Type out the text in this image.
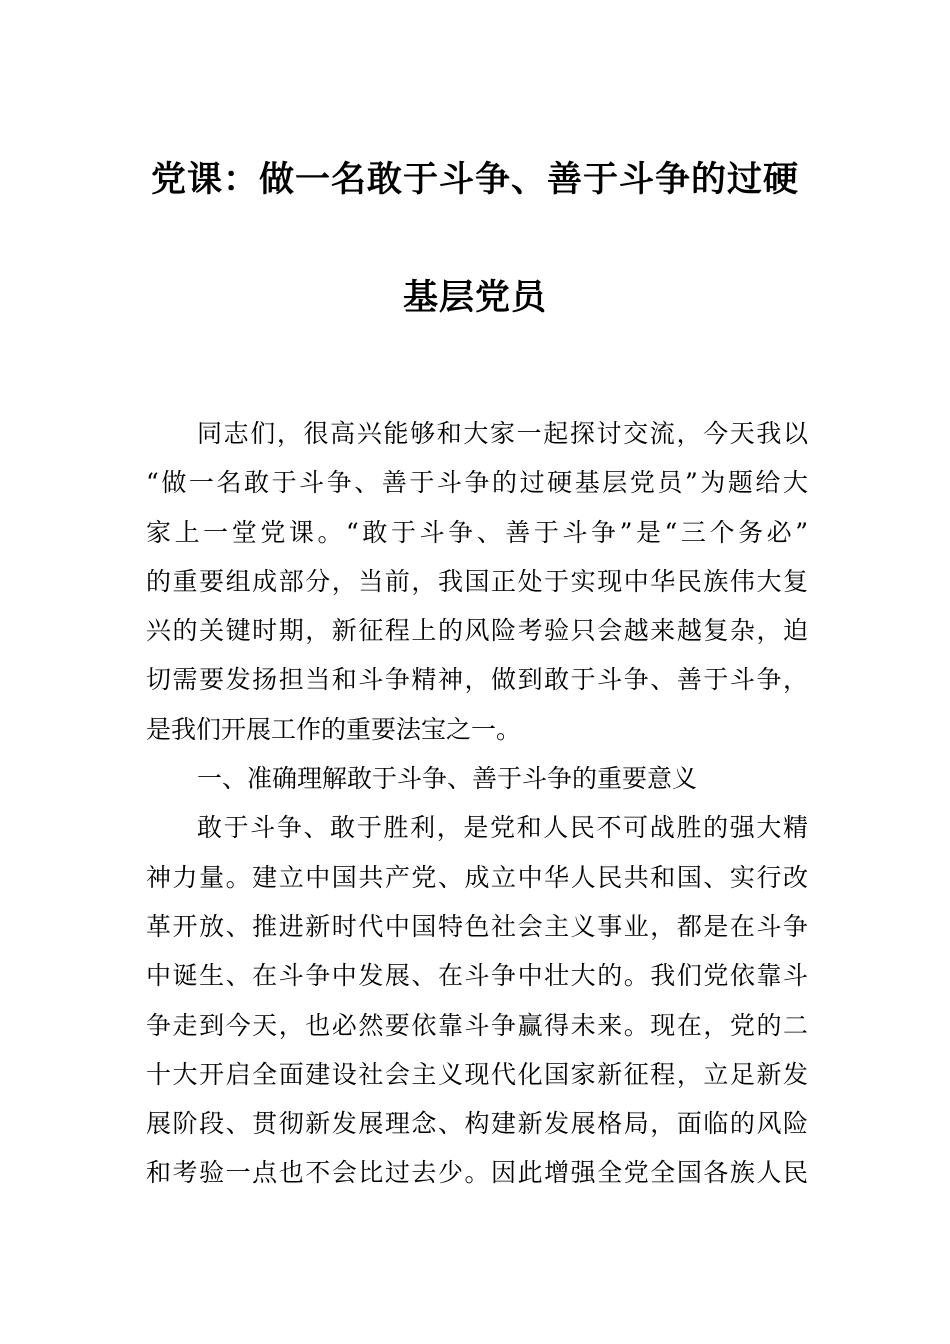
党课：做一名敢于斗争、善于斗争的过硬
基层党员
同志们，很高兴能够和大家一起探讨交流，今天我以
“做一名敢于斗争、善于斗争的过硬基层党员”为题给大
家上一堂党课。“敢于斗争、善于斗争”是“三个务必”
的重要组成部分，当前，我国正处于实现中华民族伟大复
兴的关键时期，新征程上的风险考验只会越来越复杂，迫
切需要发扬担当和斗争精神，做到敢于斗争、善于斗争，
是我们开展工作的重要法宝之一。
一、准确理解敢于斗争、善于斗争的重要意义
敢于斗争、敢于胜利，是党和人民不可战胜的强大精
神力量。建立中国共产党、成立中华人民共和国、实行改
革开放、推进新时代中国特色社会主义事业，都是在斗争
中诞生、在斗争中发展、在斗争中壮大的。我们党依靠斗
争走到今天，也必然要依靠斗争赢得未来。现在，党的二
十大开启全面建设社会主义现代化国家新征程，立足新发
展阶段、贯彻新发展理念、构建新发展格局，面临的风险
和考验一点也不会比过去少。因此增强全党全国各族人民
